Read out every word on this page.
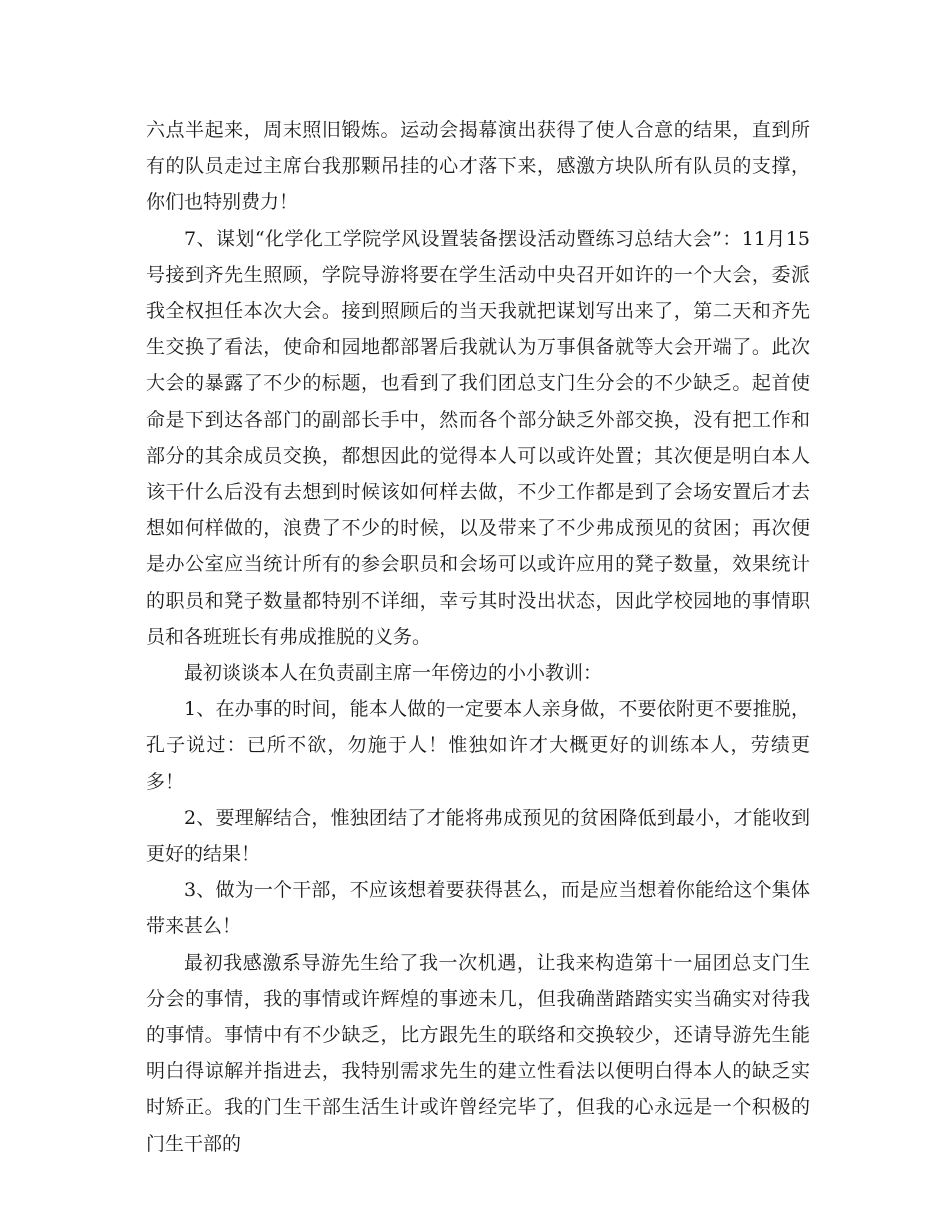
六点半起来，周末照旧锻炼。运动会揭幕演出获得了使人合意的结果，直到所有的队员走过主席台我那颗吊挂的心才落下来，感激方块队所有队员的支撑，你们也特别费力！

7、谋划“化学化工学院学风设置装备摆设活动暨练习总结大会”：11月15号接到齐先生照顾，学院导游将要在学生活动中央召开如许的一个大会，委派我全权担任本次大会。接到照顾后的当天我就把谋划写出来了，第二天和齐先生交换了看法，使命和园地都部署后我就认为万事俱备就等大会开端了。此次大会的暴露了不少的标题，也看到了我们团总支门生分会的不少缺乏。起首使命是下到达各部门的副部长手中，然而各个部分缺乏外部交换，没有把工作和部分的其余成员交换，都想因此的觉得本人可以或许处置；其次便是明白本人该干什么后没有去想到时候该如何样去做，不少工作都是到了会场安置后才去想如何样做的，浪费了不少的时候，以及带来了不少弗成预见的贫困；再次便是办公室应当统计所有的参会职员和会场可以或许应用的凳子数量，效果统计的职员和凳子数量都特别不详细，幸亏其时没出状态，因此学校园地的事情职员和各班班长有弗成推脱的义务。

最初谈谈本人在负责副主席一年傍边的小小教训：

1、在办事的时间，能本人做的一定要本人亲身做，不要依附更不要推脱，孔子说过：已所不欲，勿施于人！惟独如许才大概更好的训练本人，劳绩更多！

2、要理解结合，惟独团结了才能将弗成预见的贫困降低到最小，才能收到更好的结果！

3、做为一个干部，不应该想着要获得甚么，而是应当想着你能给这个集体带来甚么！

最初我感激系导游先生给了我一次机遇，让我来构造第十一届团总支门生分会的事情，我的事情或许辉煌的事迹未几，但我确凿踏踏实实当确实对待我的事情。事情中有不少缺乏，比方跟先生的联络和交换较少，还请导游先生能明白得谅解并指进去，我特别需求先生的建立性看法以便明白得本人的缺乏实时矫正。我的门生干部生活生计或许曾经完毕了，但我的心永远是一个积极的门生干部的
